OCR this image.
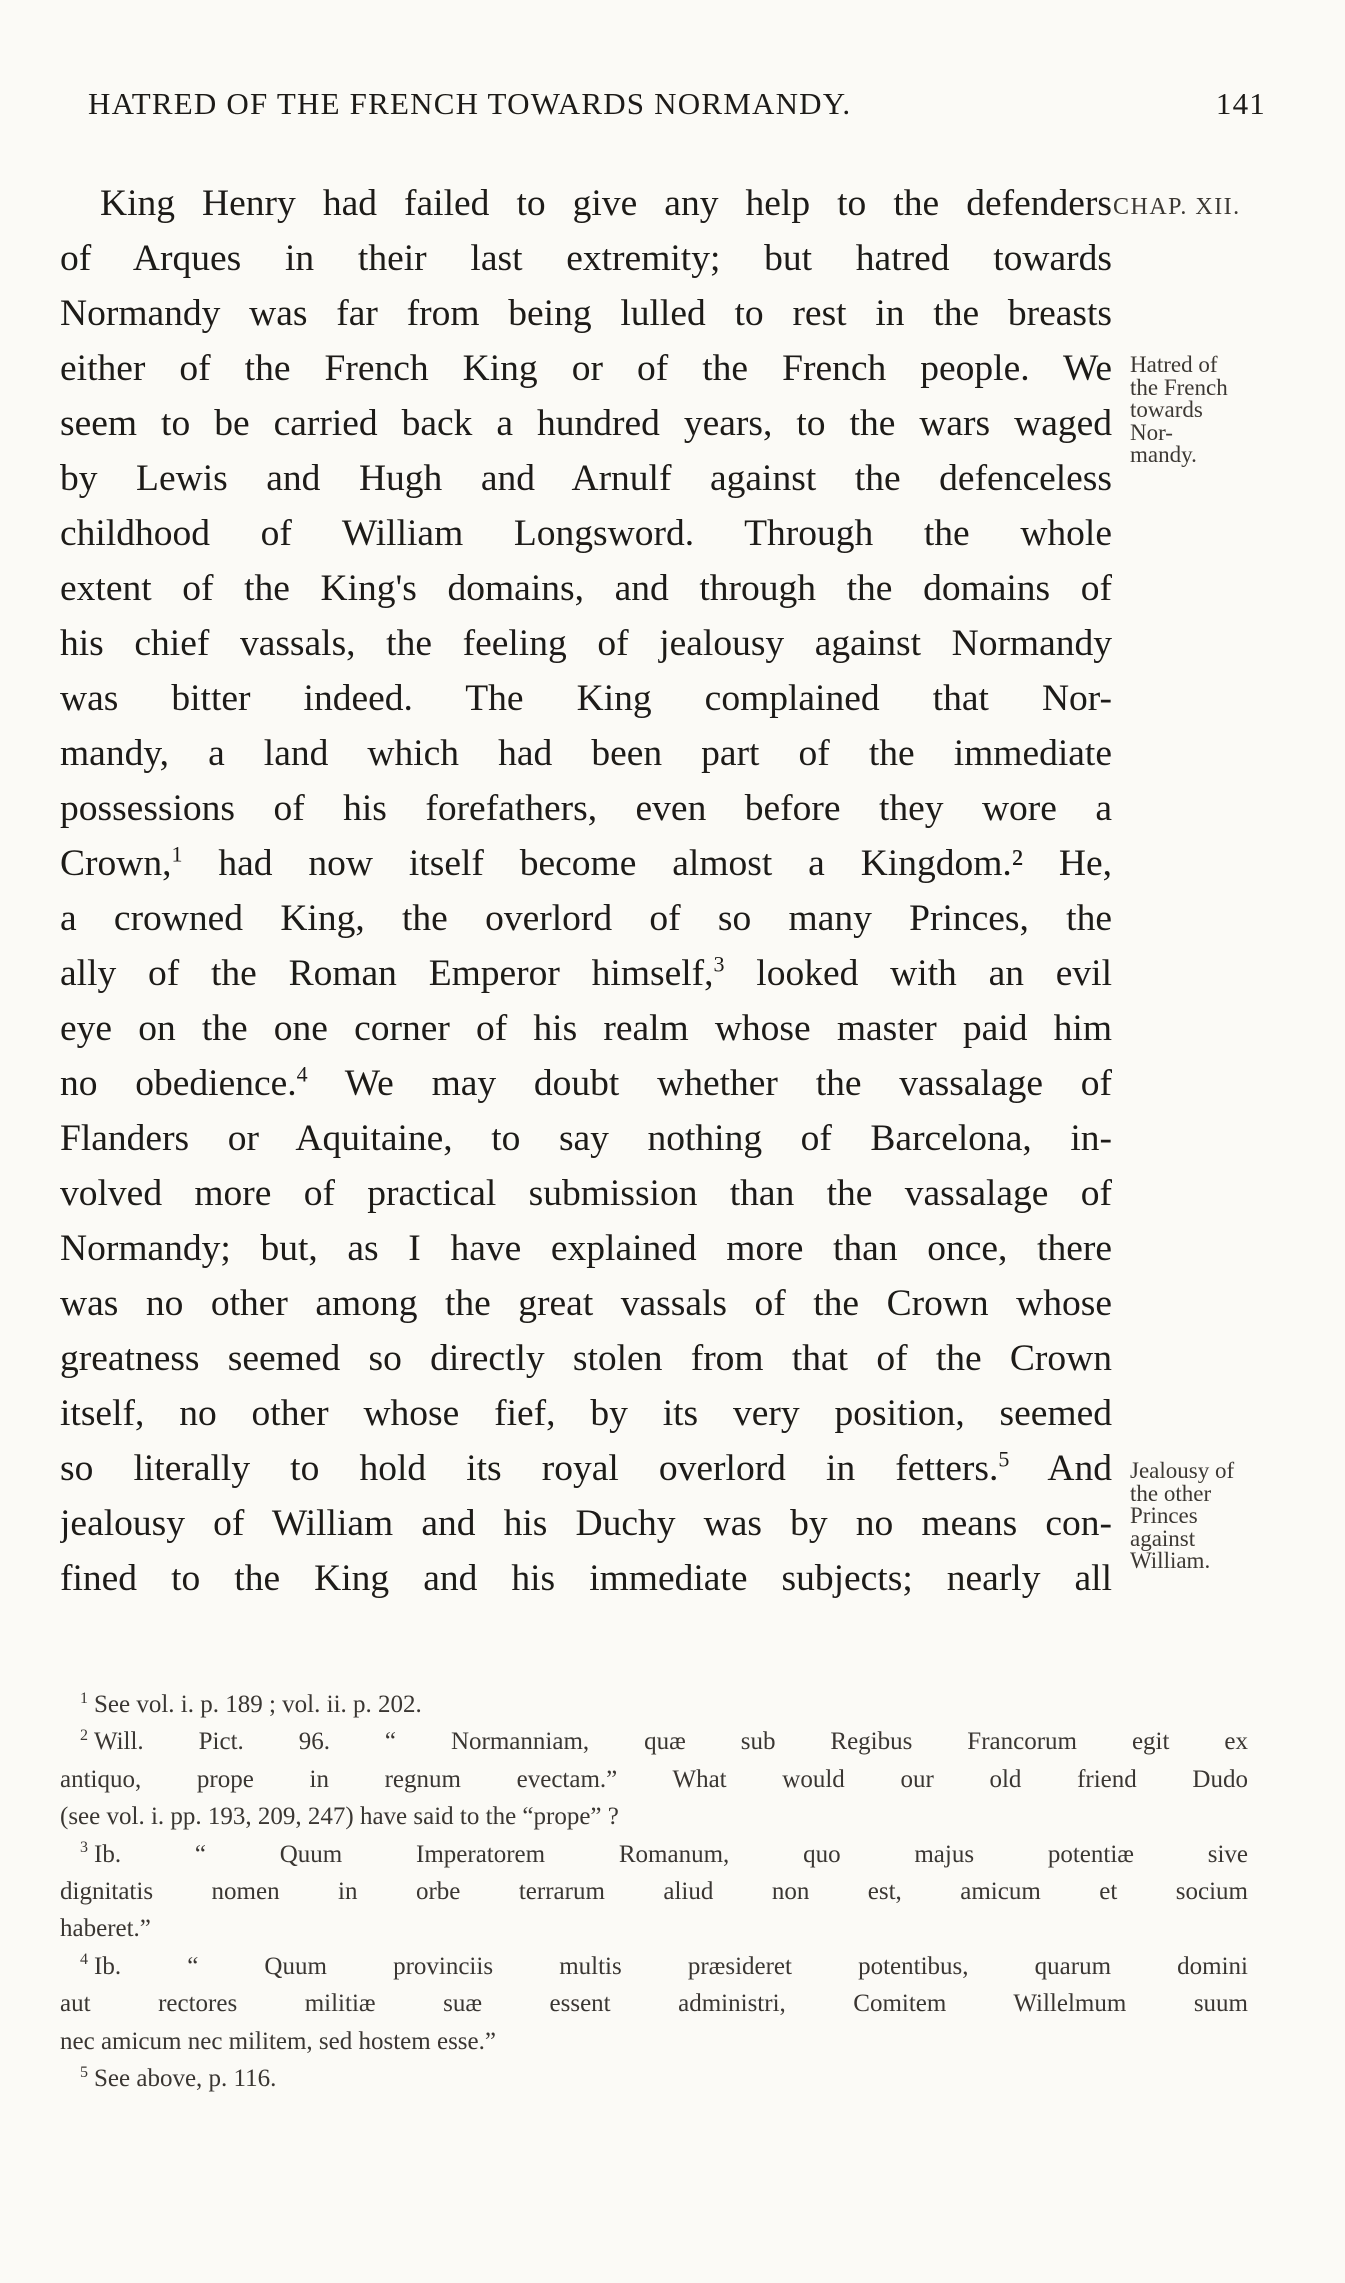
HATRED OF THE FRENCH TOWARDS NORMANDY.	141
CHAP. XII.
Hatred of
the French
towards
Nor-
mandy.
Jealousy of
the other
Princes
against
William.
King Henry had failed to give any help to the defenders
of Arques in their last extremity; but hatred towards
Normandy was far from being lulled to rest in the breasts
either of the French King or of the French people. We
seem to be carried back a hundred years, to the wars waged
by Lewis and Hugh and Arnulf against the defenceless
childhood of William Longsword. Through the whole
extent of the King's domains, and through the domains of
his chief vassals, the feeling of jealousy against Normandy
was bitter indeed. The King complained that Nor-
mandy, a land which had been part of the immediate
possessions of his forefathers, even before they wore a
Crown,$^1$ had now itself become almost a Kingdom.² He,
a crowned King, the overlord of so many Princes, the
ally of the Roman Emperor himself,$^3$ looked with an evil
eye on the one corner of his realm whose master paid him
no obedience.$^4$ We may doubt whether the vassalage of
Flanders or Aquitaine, to say nothing of Barcelona, in-
volved more of practical submission than the vassalage of
Normandy; but, as I have explained more than once, there
was no other among the great vassals of the Crown whose
greatness seemed so directly stolen from that of the Crown
itself, no other whose fief, by its very position, seemed
so literally to hold its royal overlord in fetters.$^5$ And
jealousy of William and his Duchy was by no means con-
fined to the King and his immediate subjects; nearly all
$^1$ See vol. i. p. 189 ; vol. ii. p. 202.
$^2$ Will. Pict. 96. “ Normanniam, quæ sub Regibus Francorum egit ex
antiquo, prope in regnum evectam.” What would our old friend Dudo
(see vol. i. pp. 193, 209, 247) have said to the “prope” ?
$^3$ Ib. “ Quum Imperatorem Romanum, quo majus potentiæ sive
dignitatis nomen in orbe terrarum aliud non est, amicum et socium
haberet.”
$^4$ Ib. “ Quum provinciis multis præsideret potentibus, quarum domini
aut rectores militiæ suæ essent administri, Comitem Willelmum suum
nec amicum nec militem, sed hostem esse.”
$^5$ See above, p. 116.
